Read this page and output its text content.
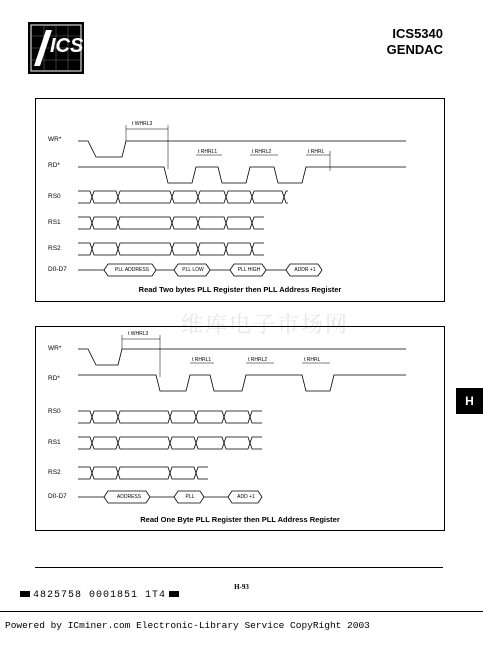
ICS
ICS5340
GENDAC
维库电子市场网
WR*
RD*
RS0
RS1
RS2
D0-D7
t WHRL3
t RHRL1	t RHRL2	t RHRL
PLL ADDRESS	PLL LOW	PLL HIGH	ADDR +1
Read Two bytes PLL Register then PLL Address Register
WR*
RD*
RS0
RS1
RS2
D0-D7
t WHRL3
t RHRL1	t RHRL2	t RHRL
ADDRESS	PLL	ADD +1
Read One Byte PLL Register then PLL Address Register
H
H-93
4825758 0001851 1T4
Powered by ICminer.com Electronic-Library Service CopyRight 2003
